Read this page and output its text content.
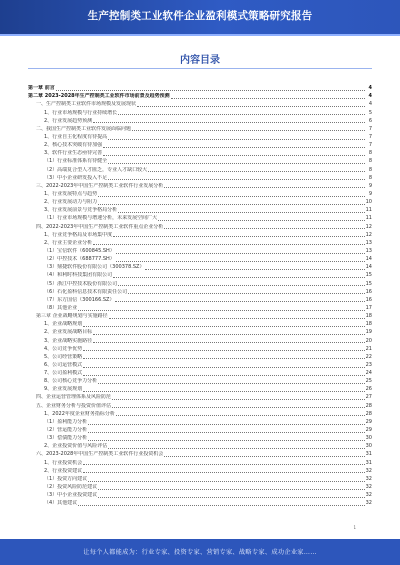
生产控制类工业软件企业盈利模式策略研究报告
内容目录
第一章 前言	4
第二章 2023-2028年生产控制类工业软件市场前景及趋势预测	4
一、生产控制类工业软件市场规模及发展现状	4
1、行业市场规模与行业持续增长	5
2、行业发展趋势预测	6
二、我国生产控制类工业软件发展面临问题	7
1、行业自主化程度有待提高	7
2、核心技术突破有待加强	7
3、软件行业生态亟待完善	8
（1）行业标准体系有待健全	8
（2）高端复合型人才匮乏，专业人才缺口较大	8
（3）中小企业研发投入不足	8
三、2022-2023年中国生产控制类工业软件行业发展分析	9
1、行业发展特点与趋势	9
2、行业发展动力与阻力	10
3、行业发展前景与竞争格局分析	11
（1）行业市场规模与增速分析，未来发展空间广大	11
四、2022-2023年中国生产控制类工业软件重点企业分析	12
1、行业竞争格局及市场集中度	12
2、行业主要企业分析	13
（1）宝信软件（600845.SH）	13
（2）中控技术（688777.SH）	14
（3）鼎捷软件股份有限公司（300378.SZ）	14
（4）和利时科技集团有限公司	15
（5）浙江中控技术股份有限公司	15
（6）石化盈科信息技术有限责任公司	16
（7）东方国信（300166.SZ）	16
（8）其他企业	17
第三章 企业战略规划与实施路径	18
1、企业战略规划	18
2、企业发展战略目标	19
3、企业战略实施路径	20
4、公司竞争优势	21
5、公司经营策略	22
6、公司运营模式	23
7、公司盈利模式	24
8、公司核心竞争力分析	25
9、企业发展规划	26
四、企业运营管理体系及风险防范	27
五、企业财务分析与投资价值评估	28
1、2022年度企业财务指标分析	28
（1）盈利能力分析	29
（2）营运能力分析	29
（3）偿债能力分析	30
2、企业投资价值与风险评估	30
六、2023-2028年中国生产控制类工业软件行业投资机会	31
1、行业投资机会	31
2、行业投资建议	32
（1）投资方向建议	32
（2）投资风险防范建议	32
（3）中小企业投资建议	32
（4）其他建议	32
1
让每个人都能成为：行业专家、投资专家、营销专家、战略专家、成功企业家……
